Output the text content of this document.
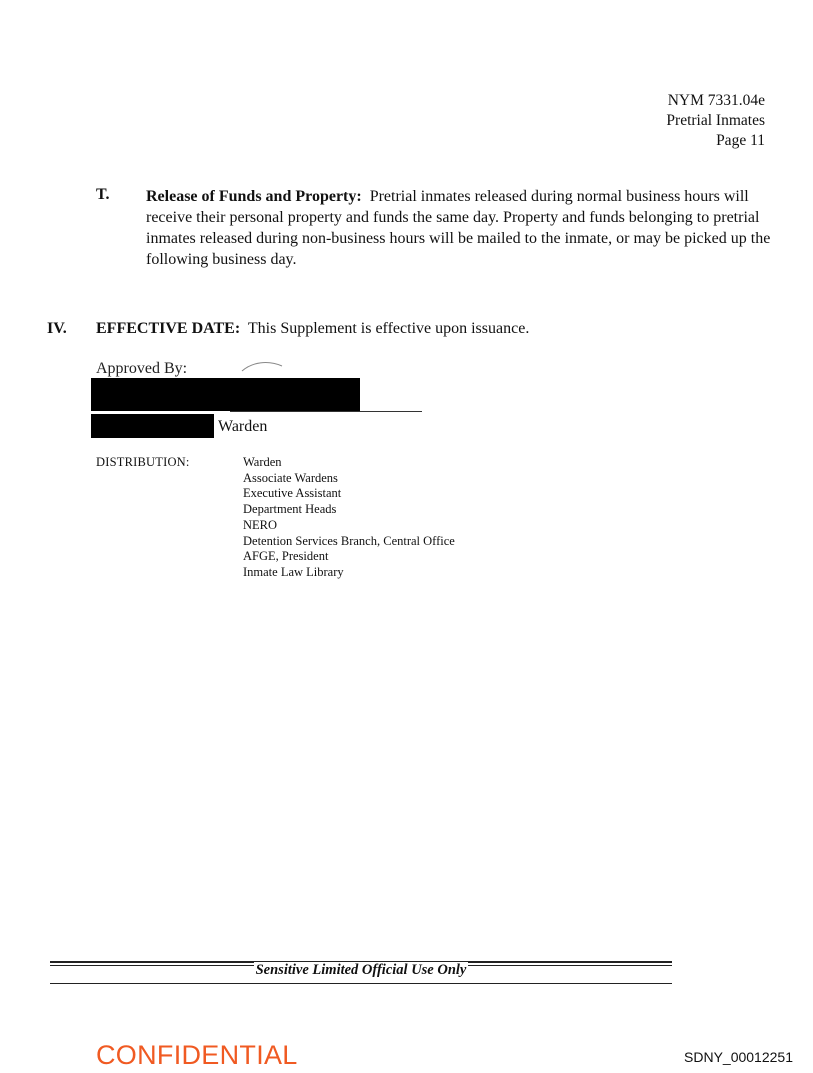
NYM 7331.04e
Pretrial Inmates
Page 11
T. Release of Funds and Property: Pretrial inmates released during normal business hours will receive their personal property and funds the same day. Property and funds belonging to pretrial inmates released during non-business hours will be mailed to the inmate, or may be picked up the following business day.
IV. EFFECTIVE DATE: This Supplement is effective upon issuance.
Approved By:
Warden
DISTRIBUTION:	Warden
Associate Wardens
Executive Assistant
Department Heads
NERO
Detention Services Branch, Central Office
AFGE, President
Inmate Law Library
Sensitive Limited Official Use Only
CONFIDENTIAL	SDNY_00012251
